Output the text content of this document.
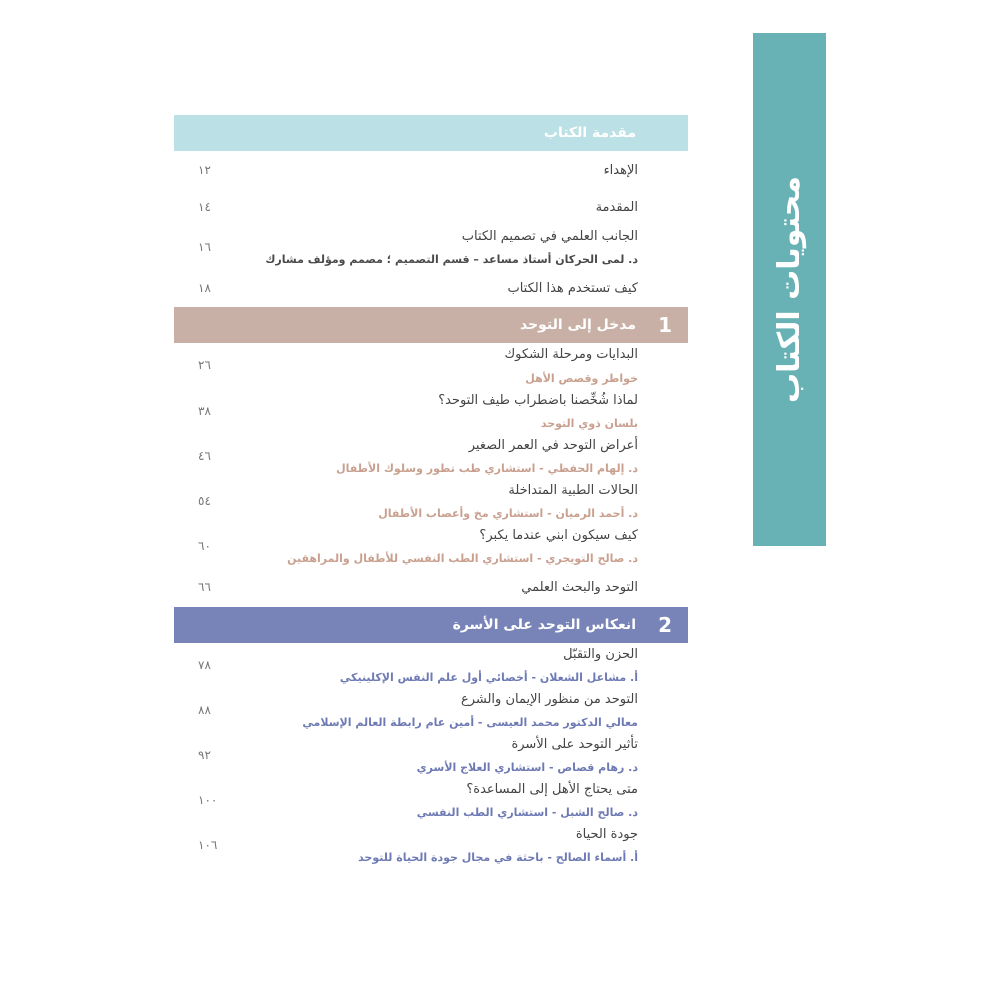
محتويات الكتاب
مقدمة الكتاب
الإهداء
١٢
المقدمة
١٤
الجانب العلمي في تصميم الكتاب
د. لمى الحركان أستاذ مساعد – قسم التصميم ؛ مصمم ومؤلف مشارك
١٦
كيف تستخدم هذا الكتاب
١٨
1
مدخل إلى التوحد
البدايات ومرحلة الشكوك
خواطر وقصص الأهل
٢٦
لماذا شُخِّصنا باضطراب طيف التوحد؟
بلسان ذوي التوحد
٣٨
أعراض التوحد في العمر الصغير
د. إلهام الحفظي - استشاري طب تطور وسلوك الأطفال
٤٦
الحالات الطبية المتداخلة
د. أحمد الرميان - استشاري مخ وأعصاب الأطفال
٥٤
كيف سيكون ابني عندما يكبر؟
د. صالح التويجري - استشاري الطب النفسي للأطفال والمراهقين
٦٠
التوحد والبحث العلمي
٦٦
2
انعكاس التوحد على الأسرة
الحزن والتقبّل
أ. مشاعل الشعلان - أخصائي أول علم النفس الإكلينيكي
٧٨
التوحد من منظور الإيمان والشرع
معالي الدكتور محمد العيسى - أمين عام رابطة العالم الإسلامي
٨٨
تأثير التوحد على الأسرة
د. رهام قصاص - استشاري العلاج الأسري
٩٢
متى يحتاج الأهل إلى المساعدة؟
د. صالح الشبل - استشاري الطب النفسي
١٠٠
جودة الحياة
أ. أسماء الصالح - باحثة في مجال جودة الحياة للتوحد
١٠٦
